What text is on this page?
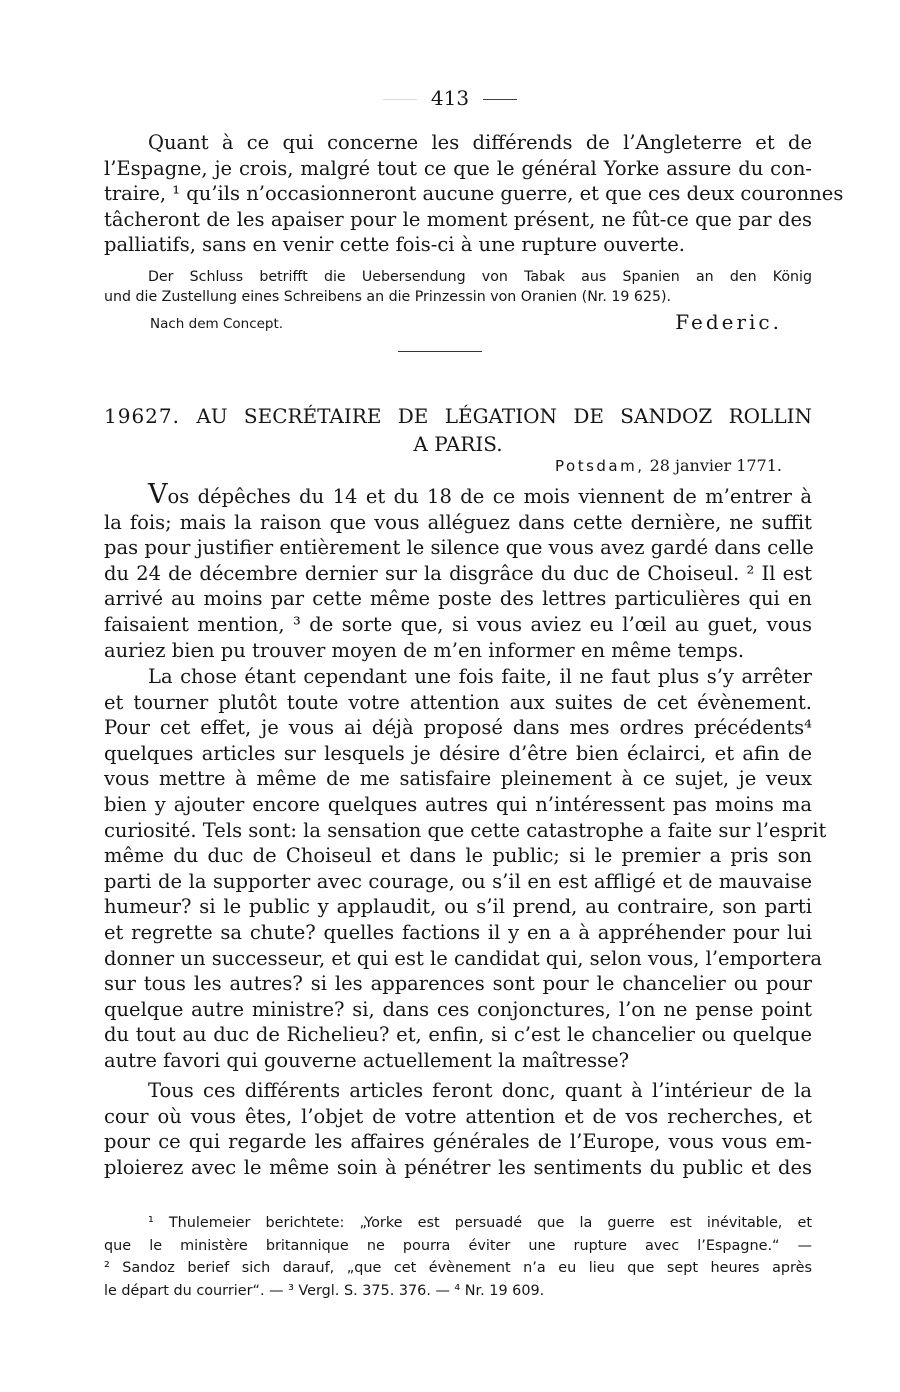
413
Quant à ce qui concerne les différends de l’Angleterre et de
l’Espagne, je crois, malgré tout ce que le général Yorke assure du con-
traire, ¹ qu’ils n’occasionneront aucune guerre, et que ces deux couronnes
tâcheront de les apaiser pour le moment présent, ne fût-ce que par des
palliatifs, sans en venir cette fois-ci à une rupture ouverte.
Der Schluss betrifft die Uebersendung von Tabak aus Spanien an den König
und die Zustellung eines Schreibens an die Prinzessin von Oranien (Nr. 19 625).
Nach dem Concept.	Federic.
19627. AU SECRÉTAIRE DE LÉGATION DE SANDOZ ROLLIN
A PARIS.
Potsdam, 28 janvier 1771.
Vos dépêches du 14 et du 18 de ce mois viennent de m’entrer à
la fois; mais la raison que vous alléguez dans cette dernière, ne suffit
pas pour justifier entièrement le silence que vous avez gardé dans celle
du 24 de décembre dernier sur la disgrâce du duc de Choiseul. ² Il est
arrivé au moins par cette même poste des lettres particulières qui en
faisaient mention, ³ de sorte que, si vous aviez eu l’œil au guet, vous
auriez bien pu trouver moyen de m’en informer en même temps.
La chose étant cependant une fois faite, il ne faut plus s’y arrêter
et tourner plutôt toute votre attention aux suites de cet évènement.
Pour cet effet, je vous ai déjà proposé dans mes ordres précédents⁴
quelques articles sur lesquels je désire d’être bien éclairci, et afin de
vous mettre à même de me satisfaire pleinement à ce sujet, je veux
bien y ajouter encore quelques autres qui n’intéressent pas moins ma
curiosité. Tels sont: la sensation que cette catastrophe a faite sur l’esprit
même du duc de Choiseul et dans le public; si le premier a pris son
parti de la supporter avec courage, ou s’il en est affligé et de mauvaise
humeur? si le public y applaudit, ou s’il prend, au contraire, son parti
et regrette sa chute? quelles factions il y en a à appréhender pour lui
donner un successeur, et qui est le candidat qui, selon vous, l’emportera
sur tous les autres? si les apparences sont pour le chancelier ou pour
quelque autre ministre? si, dans ces conjonctures, l’on ne pense point
du tout au duc de Richelieu? et, enfin, si c’est le chancelier ou quelque
autre favori qui gouverne actuellement la maîtresse?
Tous ces différents articles feront donc, quant à l’intérieur de la
cour où vous êtes, l’objet de votre attention et de vos recherches, et
pour ce qui regarde les affaires générales de l’Europe, vous vous em-
ploierez avec le même soin à pénétrer les sentiments du public et des
¹ Thulemeier berichtete: „Yorke est persuadé que la guerre est inévitable, et
que le ministère britannique ne pourra éviter une rupture avec l’Espagne.“ —
² Sandoz berief sich darauf, „que cet évènement n’a eu lieu que sept heures après
le départ du courrier“. — ³ Vergl. S. 375. 376. — ⁴ Nr. 19 609.
